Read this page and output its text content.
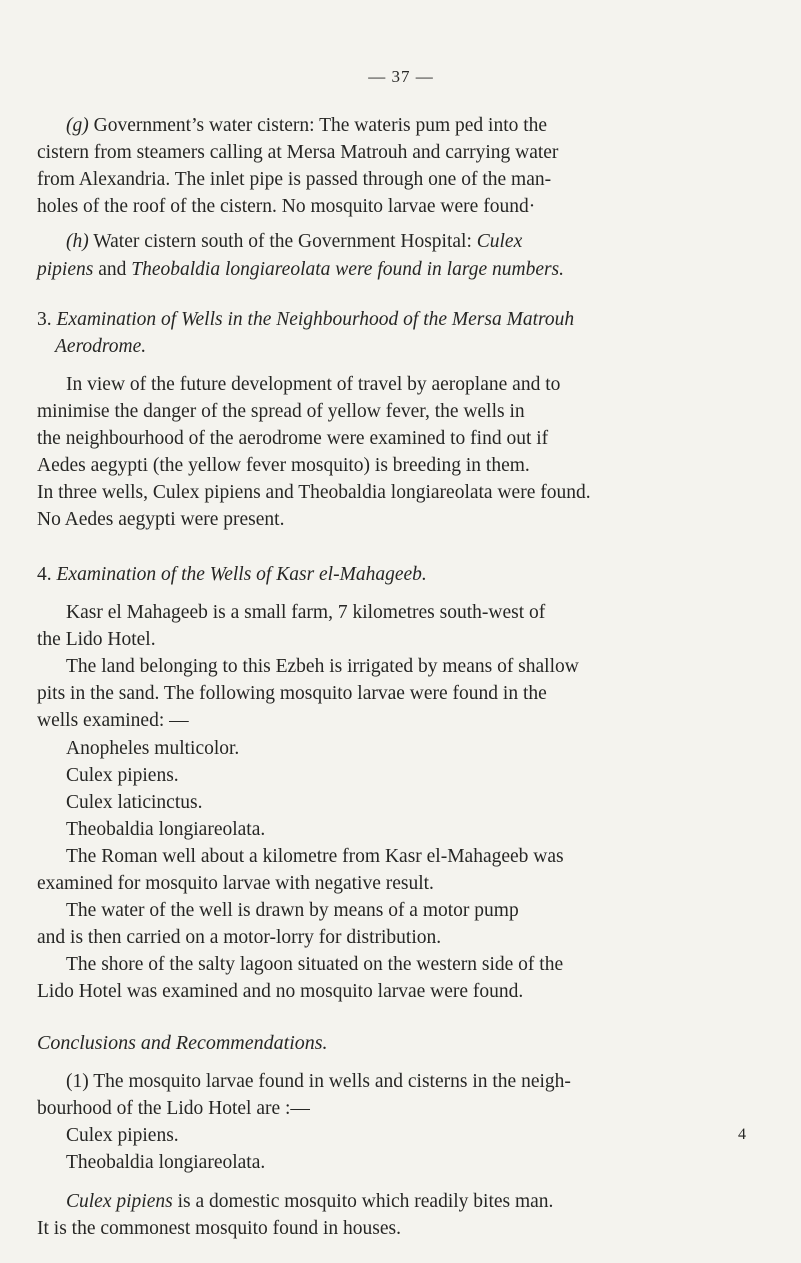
— 37 —
(g) Government’s water cistern: The wateris pum ped into the
cistern from steamers calling at Mersa Matrouh and carrying water
from Alexandria. The inlet pipe is passed through one of the man-
holes of the roof of the cistern. No mosquito larvae were found·
(h) Water cistern south of the Government Hospital: Culex
pipiens and Theobaldia longiareolata were found in large numbers.
3. Examination of Wells in the Neighbourhood of the Mersa Matrouh
Aerodrome.
In view of the future development of travel by aeroplane and to
minimise the danger of the spread of yellow fever, the wells in
the neighbourhood of the aerodrome were examined to find out if
Aedes aegypti (the yellow fever mosquito) is breeding in them.
In three wells, Culex pipiens and Theobaldia longiareolata were found.
No Aedes aegypti were present.
4. Examination of the Wells of Kasr el-Mahageeb.
Kasr el Mahageeb is a small farm, 7 kilometres south-west of
the Lido Hotel.
The land belonging to this Ezbeh is irrigated by means of shallow
pits in the sand. The following mosquito larvae were found in the
wells examined: —
Anopheles multicolor.
Culex pipiens.
Culex laticinctus.
Theobaldia longiareolata.
The Roman well about a kilometre from Kasr el-Mahageeb was
examined for mosquito larvae with negative result.
The water of the well is drawn by means of a motor pump
and is then carried on a motor-lorry for distribution.
The shore of the salty lagoon situated on the western side of the
Lido Hotel was examined and no mosquito larvae were found.
Conclusions and Recommendations.
(1) The mosquito larvae found in wells and cisterns in the neigh-
bourhood of the Lido Hotel are :—
Culex pipiens.
Theobaldia longiareolata.
Culex pipiens is a domestic mosquito which readily bites man.
It is the commonest mosquito found in houses.
4
